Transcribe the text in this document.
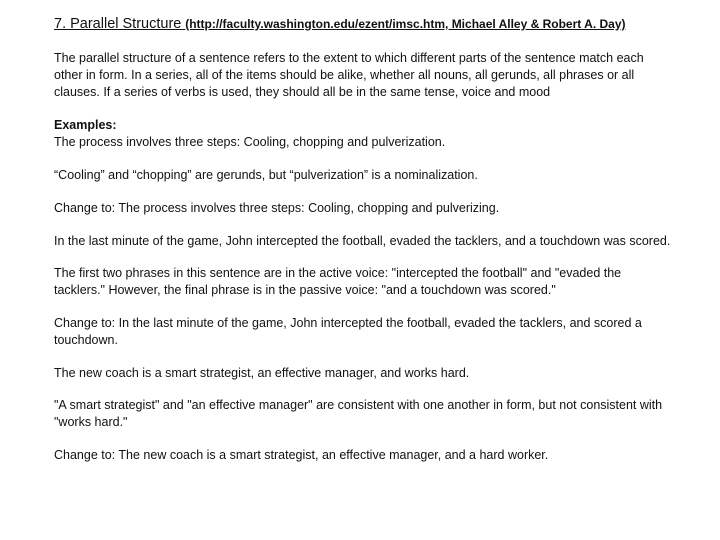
7. Parallel Structure (http://faculty.washington.edu/ezent/imsc.htm, Michael Alley & Robert A. Day)

The parallel structure of a sentence refers to the extent to which different parts of the sentence match each other in form. In a series, all of the items should be alike, whether all nouns, all gerunds, all phrases or all clauses. If a series of verbs is used, they should all be in the same tense, voice and mood

Examples:

The process involves three steps: Cooling, chopping and pulverization.

“Cooling” and “chopping” are gerunds, but “pulverization” is a nominalization.

Change to: The process involves three steps: Cooling, chopping and pulverizing.

In the last minute of the game, John intercepted the football, evaded the tacklers, and a touchdown was scored.

The first two phrases in this sentence are in the active voice: "intercepted the football" and "evaded the tacklers." However, the final phrase is in the passive voice: "and a touchdown was scored."

Change to: In the last minute of the game, John intercepted the football, evaded the tacklers, and scored a touchdown.

The new coach is a smart strategist, an effective manager, and works hard.

"A smart strategist" and "an effective manager" are consistent with one another in form, but not consistent with "works hard."

Change to: The new coach is a smart strategist, an effective manager, and a hard worker.
